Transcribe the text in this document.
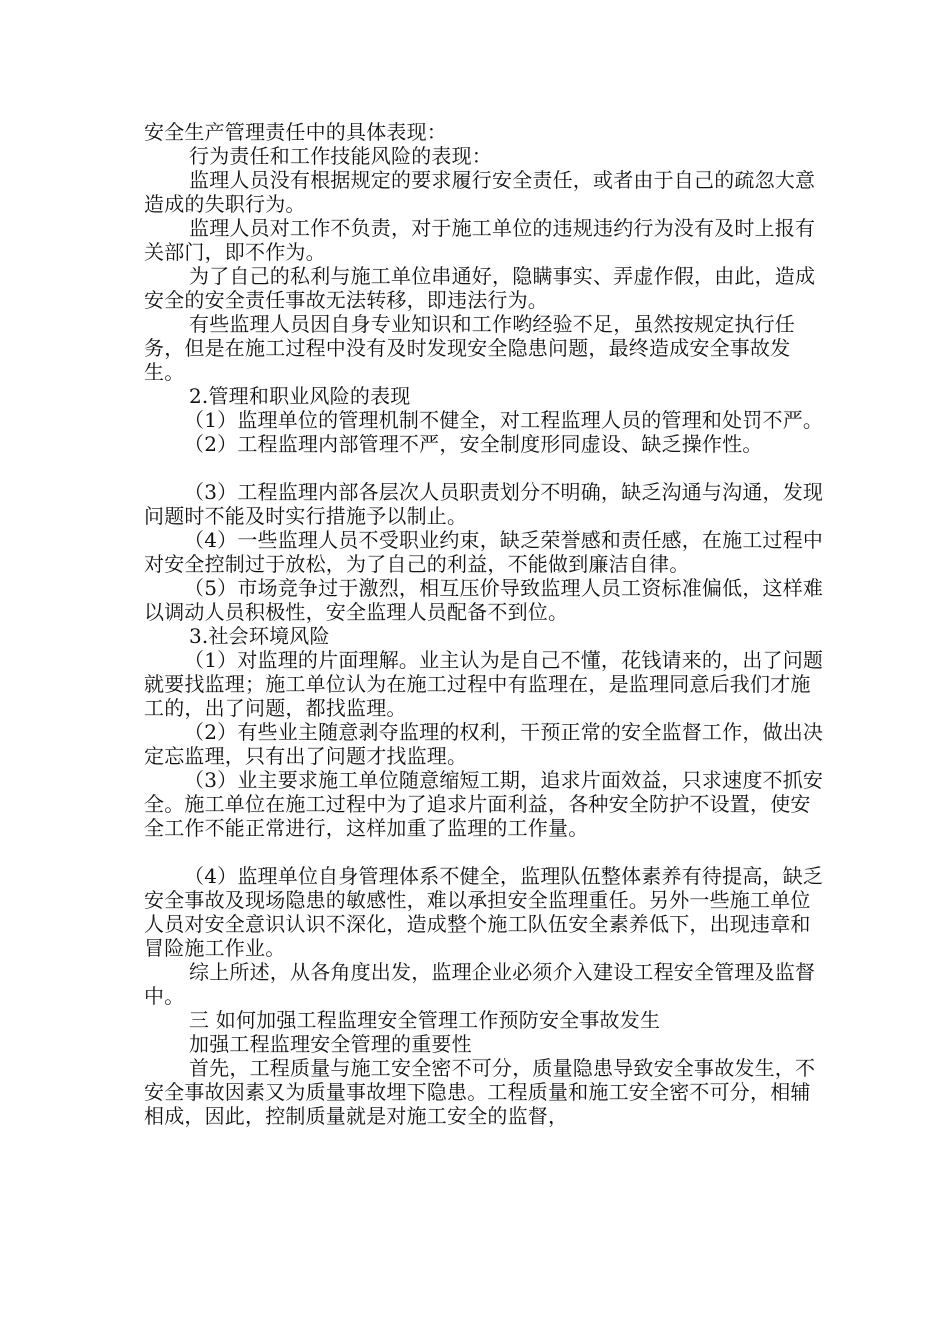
安全生产管理责任中的具体表现：

行为责任和工作技能风险的表现：

监理人员没有根据规定的要求履行安全责任，或者由于自己的疏忽大意造成的失职行为。

监理人员对工作不负责，对于施工单位的违规违约行为没有及时上报有关部门，即不作为。

为了自己的私利与施工单位串通好，隐瞒事实、弄虚作假，由此，造成安全的安全责任事故无法转移，即违法行为。

有些监理人员因自身专业知识和工作哟经验不足，虽然按规定执行任务，但是在施工过程中没有及时发现安全隐患问题，最终造成安全事故发生。

2.管理和职业风险的表现

（1）监理单位的管理机制不健全，对工程监理人员的管理和处罚不严。

（2）工程监理内部管理不严，安全制度形同虚设、缺乏操作性。

（3）工程监理内部各层次人员职责划分不明确，缺乏沟通与沟通，发现问题时不能及时实行措施予以制止。

（4）一些监理人员不受职业约束，缺乏荣誉感和责任感，在施工过程中对安全控制过于放松，为了自己的利益，不能做到廉洁自律。

（5）市场竞争过于激烈，相互压价导致监理人员工资标准偏低，这样难以调动人员积极性，安全监理人员配备不到位。

3.社会环境风险

（1）对监理的片面理解。业主认为是自己不懂，花钱请来的，出了问题就要找监理；施工单位认为在施工过程中有监理在，是监理同意后我们才施工的，出了问题，都找监理。

（2）有些业主随意剥夺监理的权利，干预正常的安全监督工作，做出决定忘监理，只有出了问题才找监理。

（3）业主要求施工单位随意缩短工期，追求片面效益，只求速度不抓安全。施工单位在施工过程中为了追求片面利益，各种安全防护不设置，使安全工作不能正常进行，这样加重了监理的工作量。

（4）监理单位自身管理体系不健全，监理队伍整体素养有待提高，缺乏安全事故及现场隐患的敏感性，难以承担安全监理重任。另外一些施工单位人员对安全意识认识不深化，造成整个施工队伍安全素养低下，出现违章和冒险施工作业。

综上所述，从各角度出发，监理企业必须介入建设工程安全管理及监督中。

三 如何加强工程监理安全管理工作预防安全事故发生

加强工程监理安全管理的重要性

首先，工程质量与施工安全密不可分，质量隐患导致安全事故发生，不安全事故因素又为质量事故埋下隐患。工程质量和施工安全密不可分，相辅相成，因此，控制质量就是对施工安全的监督，
